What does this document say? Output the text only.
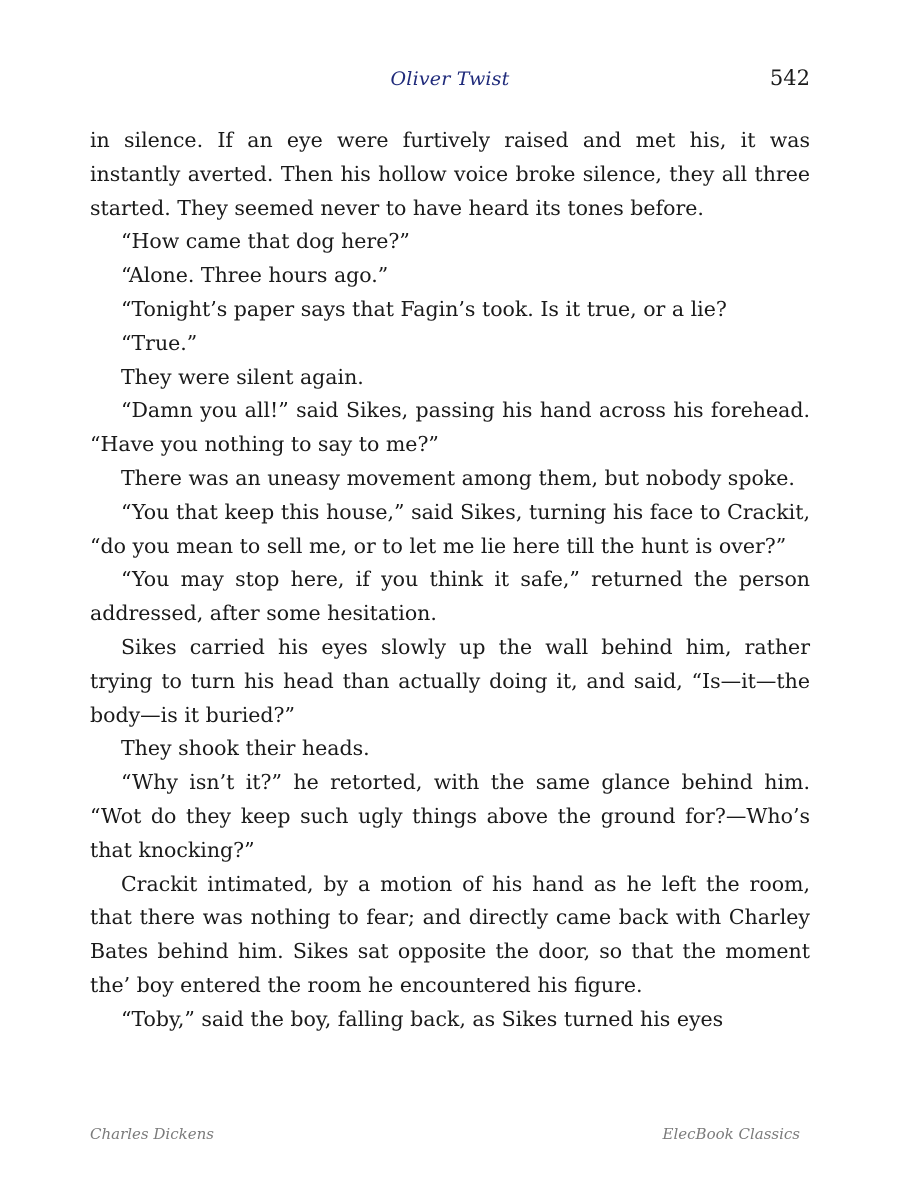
Oliver Twist	542

in silence. If an eye were furtively raised and met his, it was instantly averted. Then his hollow voice broke silence, they all three started. They seemed never to have heard its tones before.

“How came that dog here?”

“Alone. Three hours ago.”

“Tonight’s paper says that Fagin’s took. Is it true, or a lie?

“True.”

They were silent again.

“Damn you all!” said Sikes, passing his hand across his forehead. “Have you nothing to say to me?”

There was an uneasy movement among them, but nobody spoke.

“You that keep this house,” said Sikes, turning his face to Crackit, “do you mean to sell me, or to let me lie here till the hunt is over?”

“You may stop here, if you think it safe,” returned the person addressed, after some hesitation.

Sikes carried his eyes slowly up the wall behind him, rather trying to turn his head than actually doing it, and said, “Is—it—the body—is it buried?”

They shook their heads.

“Why isn’t it?” he retorted, with the same glance behind him. “Wot do they keep such ugly things above the ground for?—Who’s that knocking?”

Crackit intimated, by a motion of his hand as he left the room, that there was nothing to fear; and directly came back with Charley Bates behind him. Sikes sat opposite the door, so that the moment the’ boy entered the room he encountered his figure.

“Toby,” said the boy, falling back, as Sikes turned his eyes

Charles Dickens	ElecBook Classics
